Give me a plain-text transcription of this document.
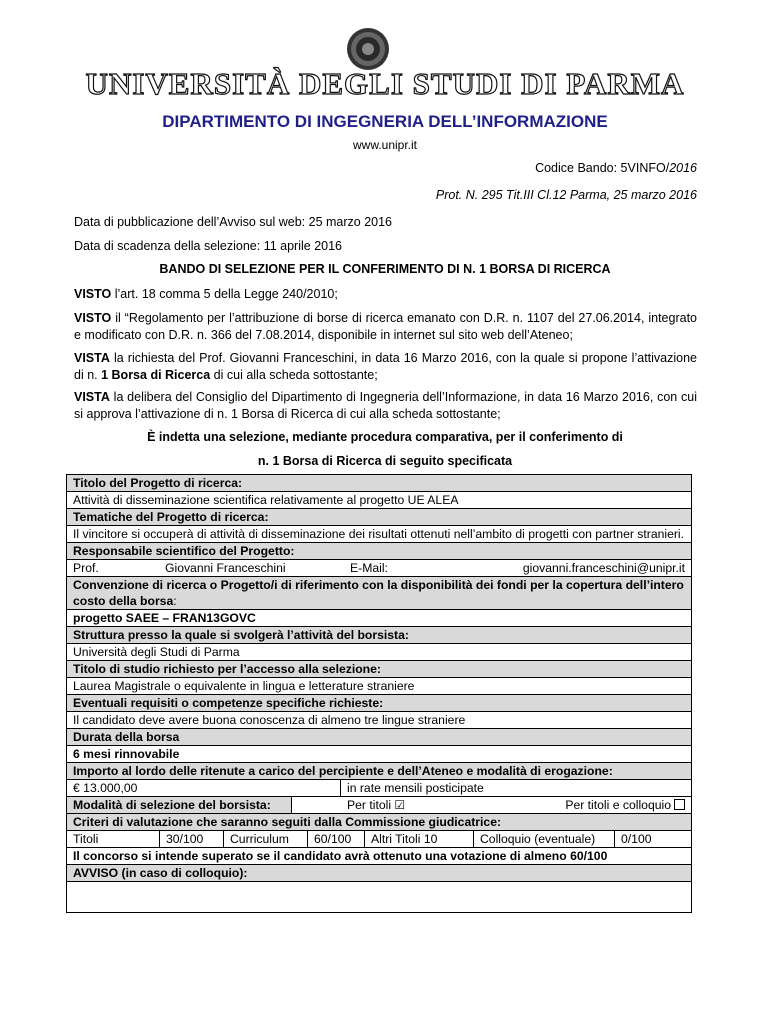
UNIVERSITÀ DEGLI STUDI DI PARMA
DIPARTIMENTO DI INGEGNERIA DELL’INFORMAZIONE
www.unipr.it
Codice Bando: 5VINFO/2016
Prot. N. 295 Tit.III Cl.12 Parma, 25 marzo 2016
Data di pubblicazione dell’Avviso sul web: 25 marzo 2016
Data di scadenza della selezione: 11 aprile 2016
BANDO DI SELEZIONE PER IL CONFERIMENTO DI N. 1 BORSA DI RICERCA
VISTO l’art. 18 comma 5 della Legge 240/2010;
VISTO il “Regolamento per l’attribuzione di borse di ricerca emanato con D.R. n. 1107 del 27.06.2014, integrato e modificato con D.R. n. 366 del 7.08.2014, disponibile in internet sul sito web dell’Ateneo;
VISTA la richiesta del Prof. Giovanni Franceschini, in data 16 Marzo 2016, con la quale si propone l’attivazione di n. 1 Borsa di Ricerca di cui alla scheda sottostante;
VISTA la delibera del Consiglio del Dipartimento di Ingegneria dell’Informazione, in data 16 Marzo 2016, con cui si approva l’attivazione di n. 1 Borsa di Ricerca di cui alla scheda sottostante;
È indetta una selezione, mediante procedura comparativa, per il conferimento di
n. 1 Borsa di Ricerca di seguito specificata
Titolo del Progetto di ricerca:
Attività di disseminazione scientifica relativamente al progetto UE ALEA
Tematiche del Progetto di ricerca:
Il vincitore si occuperà di attività di disseminazione dei risultati ottenuti nell’ambito di progetti con partner stranieri.
Responsabile scientifico del Progetto:
Prof.	Giovanni Franceschini	E-Mail:	giovanni.franceschini@unipr.it
Convenzione di ricerca o Progetto/i di riferimento con la disponibilità dei fondi per la copertura dell’intero costo della borsa:
progetto SAEE – FRAN13GOVC
Struttura presso la quale si svolgerà l’attività del borsista:
Università degli Studi di Parma
Titolo di studio richiesto per l’accesso alla selezione:
Laurea Magistrale o equivalente in lingua e letterature straniere
Eventuali requisiti o competenze specifiche richieste:
Il candidato deve avere buona conoscenza di almeno tre lingue straniere
Durata della borsa
6 mesi rinnovabile
Importo al lordo delle ritenute a carico del percipiente e dell’Ateneo e modalità di erogazione:
€ 13.000,00	in rate mensili posticipate
Modalità di selezione del borsista:	Per titoli ☑	Per titoli e colloquio
Criteri di valutazione che saranno seguiti dalla Commissione giudicatrice:
Titoli	30/100	Curriculum	60/100	Altri Titoli 10	Colloquio (eventuale)	0/100
Il concorso si intende superato se il candidato avrà ottenuto una votazione di almeno 60/100
AVVISO (in caso di colloquio):
